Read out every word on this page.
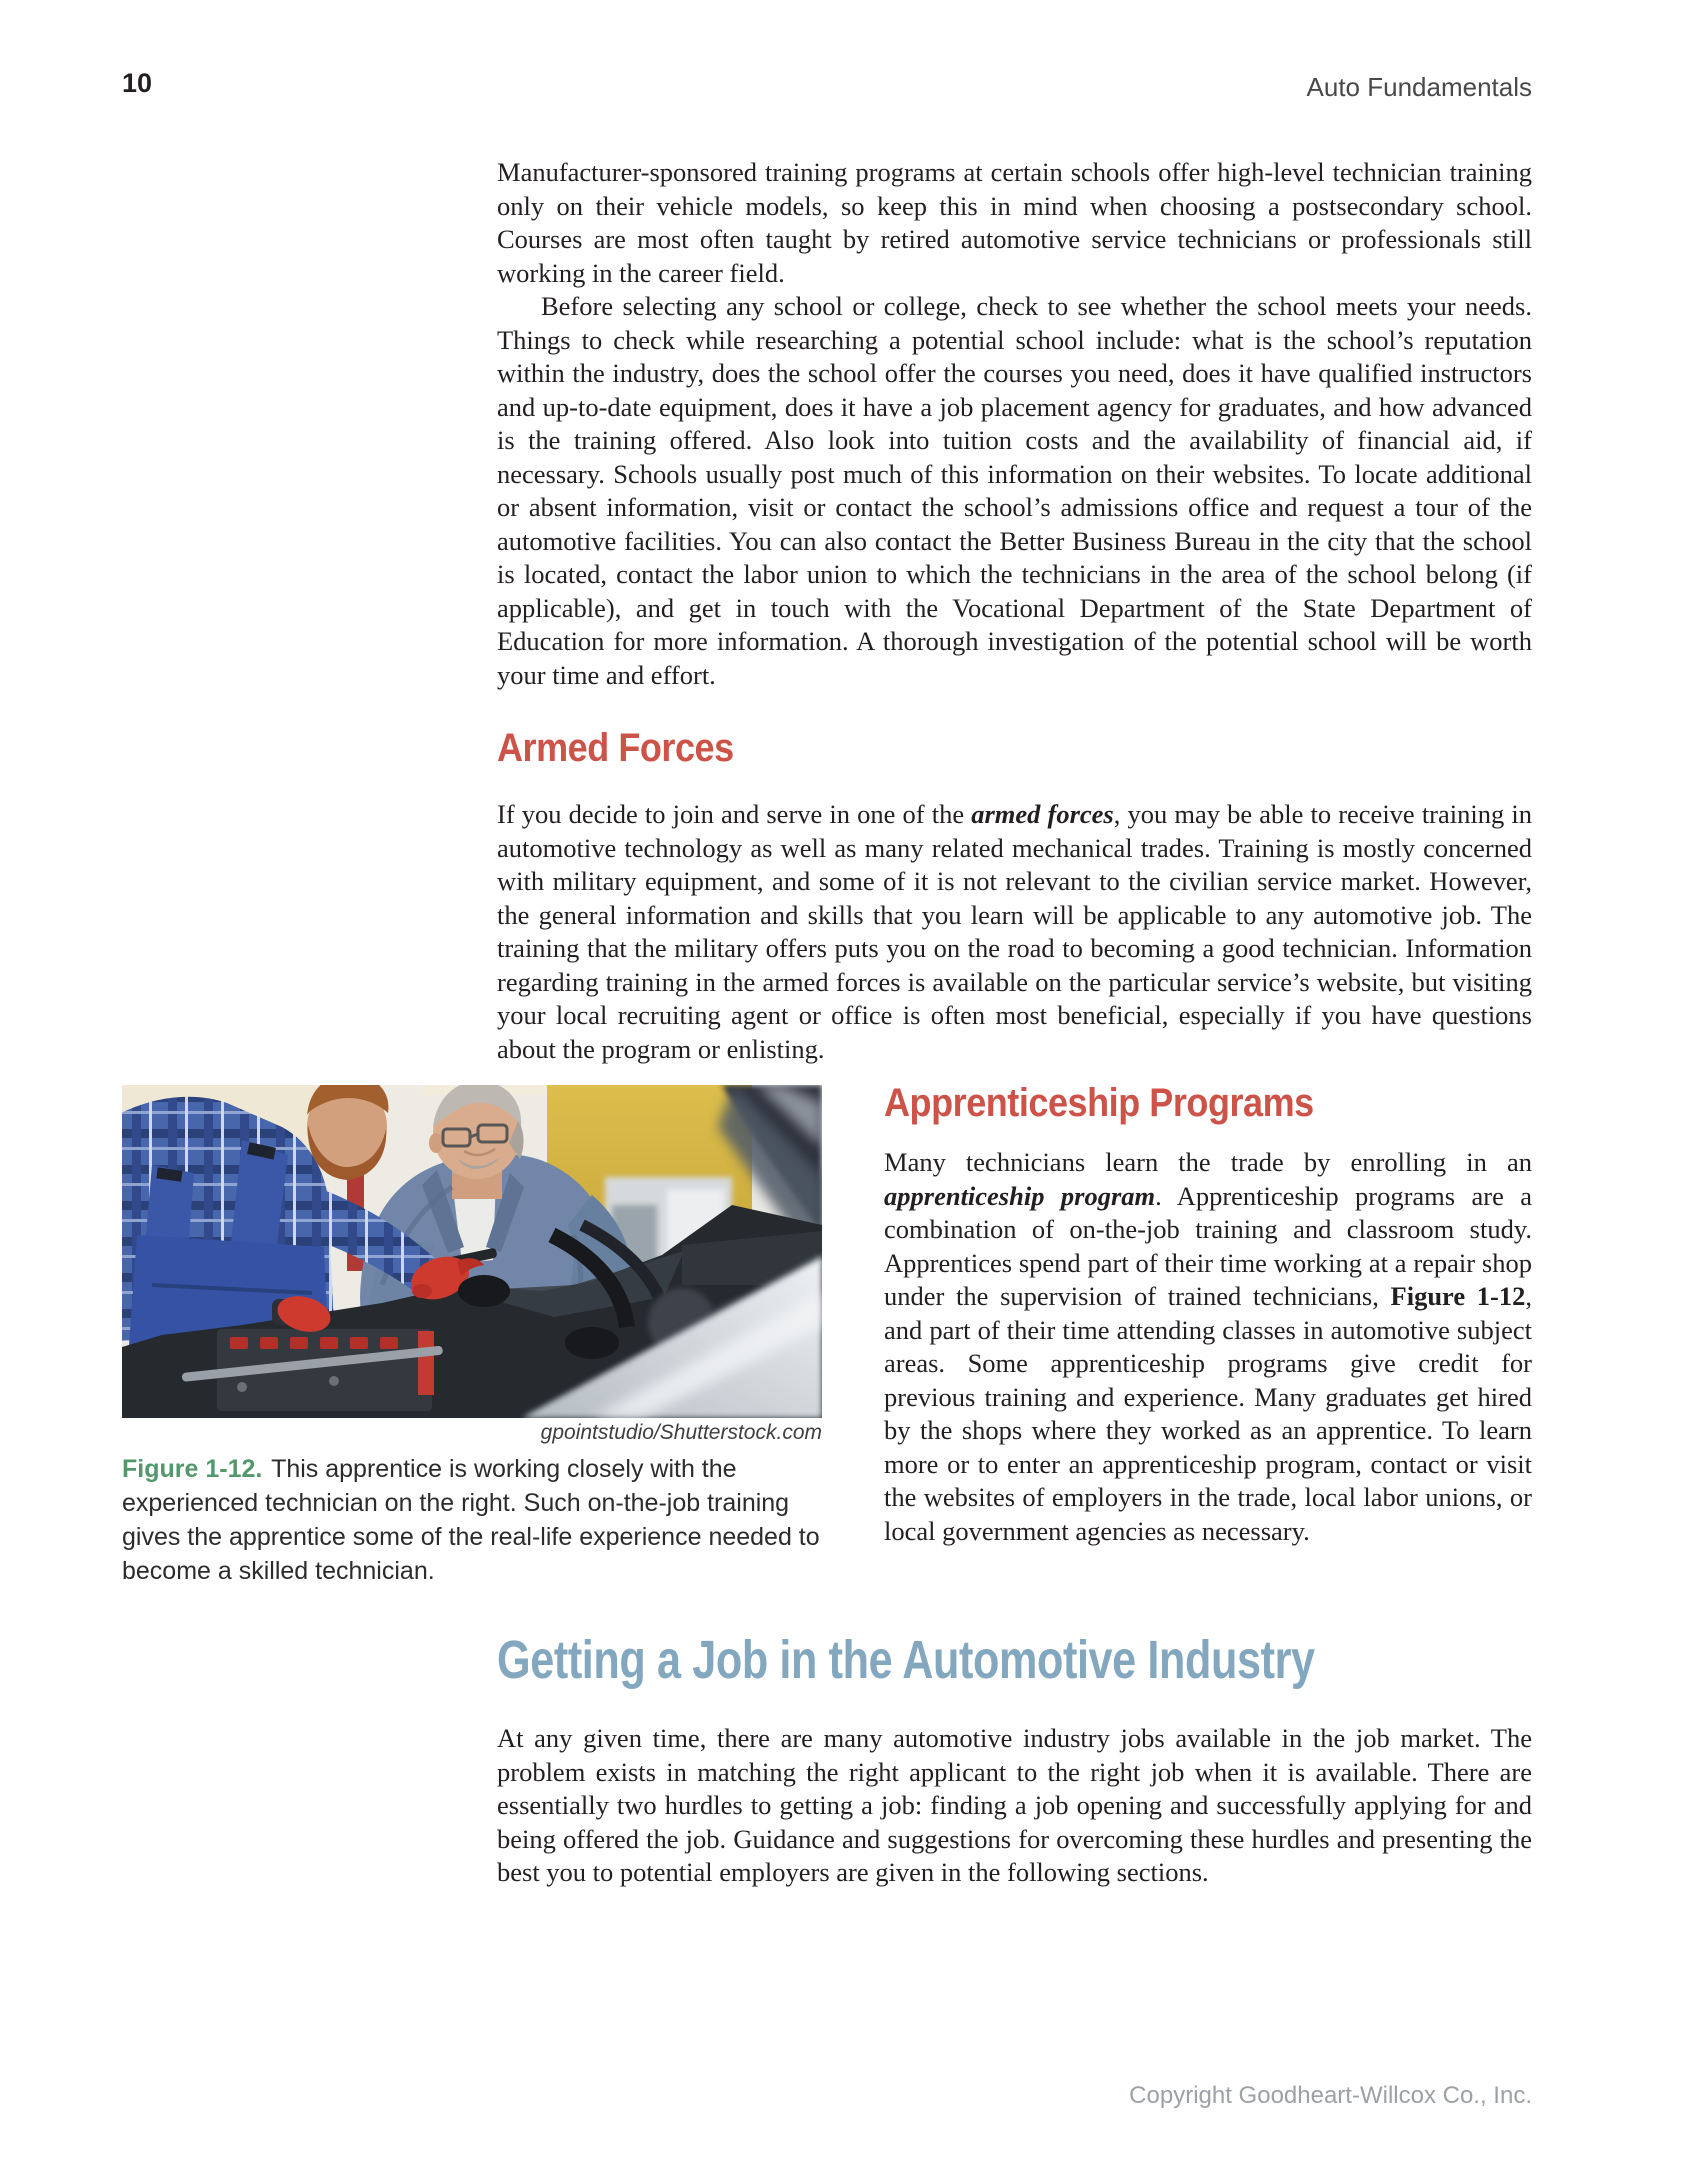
10	Auto Fundamentals

Manufacturer-sponsored training programs at certain schools offer high-level technician training only on their vehicle models, so keep this in mind when choosing a postsecondary school. Courses are most often taught by retired automotive service technicians or professionals still working in the career field.

Before selecting any school or college, check to see whether the school meets your needs. Things to check while researching a potential school include: what is the school’s reputation within the industry, does the school offer the courses you need, does it have qualified instructors and up-to-date equipment, does it have a job placement agency for graduates, and how advanced is the training offered. Also look into tuition costs and the availability of financial aid, if necessary. Schools usually post much of this information on their websites. To locate additional or absent information, visit or contact the school’s admissions office and request a tour of the automotive facilities. You can also contact the Better Business Bureau in the city that the school is located, contact the labor union to which the technicians in the area of the school belong (if applicable), and get in touch with the Vocational Department of the State Department of Education for more information. A thorough investigation of the potential school will be worth your time and effort.

Armed Forces

If you decide to join and serve in one of the armed forces, you may be able to receive training in automotive technology as well as many related mechanical trades. Training is mostly concerned with military equipment, and some of it is not relevant to the civilian service market. However, the general information and skills that you learn will be applicable to any automotive job. The training that the military offers puts you on the road to becoming a good technician. Information regarding training in the armed forces is available on the particular service’s website, but visiting your local recruiting agent or office is often most beneficial, especially if you have questions about the program or enlisting.

gpointstudio/Shutterstock.com
Figure 1-12. This apprentice is working closely with the experienced technician on the right. Such on-the-job training gives the apprentice some of the real-life experience needed to become a skilled technician.
Apprenticeship Programs

Many technicians learn the trade by enrolling in an apprenticeship program. Apprenticeship programs are a combination of on-the-job training and classroom study. Apprentices spend part of their time working at a repair shop under the supervision of trained technicians, Figure 1-12, and part of their time attending classes in automotive subject areas. Some apprenticeship programs give credit for previous training and experience. Many graduates get hired by the shops where they worked as an apprentice. To learn more or to enter an apprenticeship program, contact or visit the websites of employers in the trade, local labor unions, or local government agencies as necessary.

Getting a Job in the Automotive Industry

At any given time, there are many automotive industry jobs available in the job market. The problem exists in matching the right applicant to the right job when it is available. There are essentially two hurdles to getting a job: finding a job opening and successfully applying for and being offered the job. Guidance and suggestions for overcoming these hurdles and presenting the best you to potential employers are given in the following sections.

Copyright Goodheart-Willcox Co., Inc.
